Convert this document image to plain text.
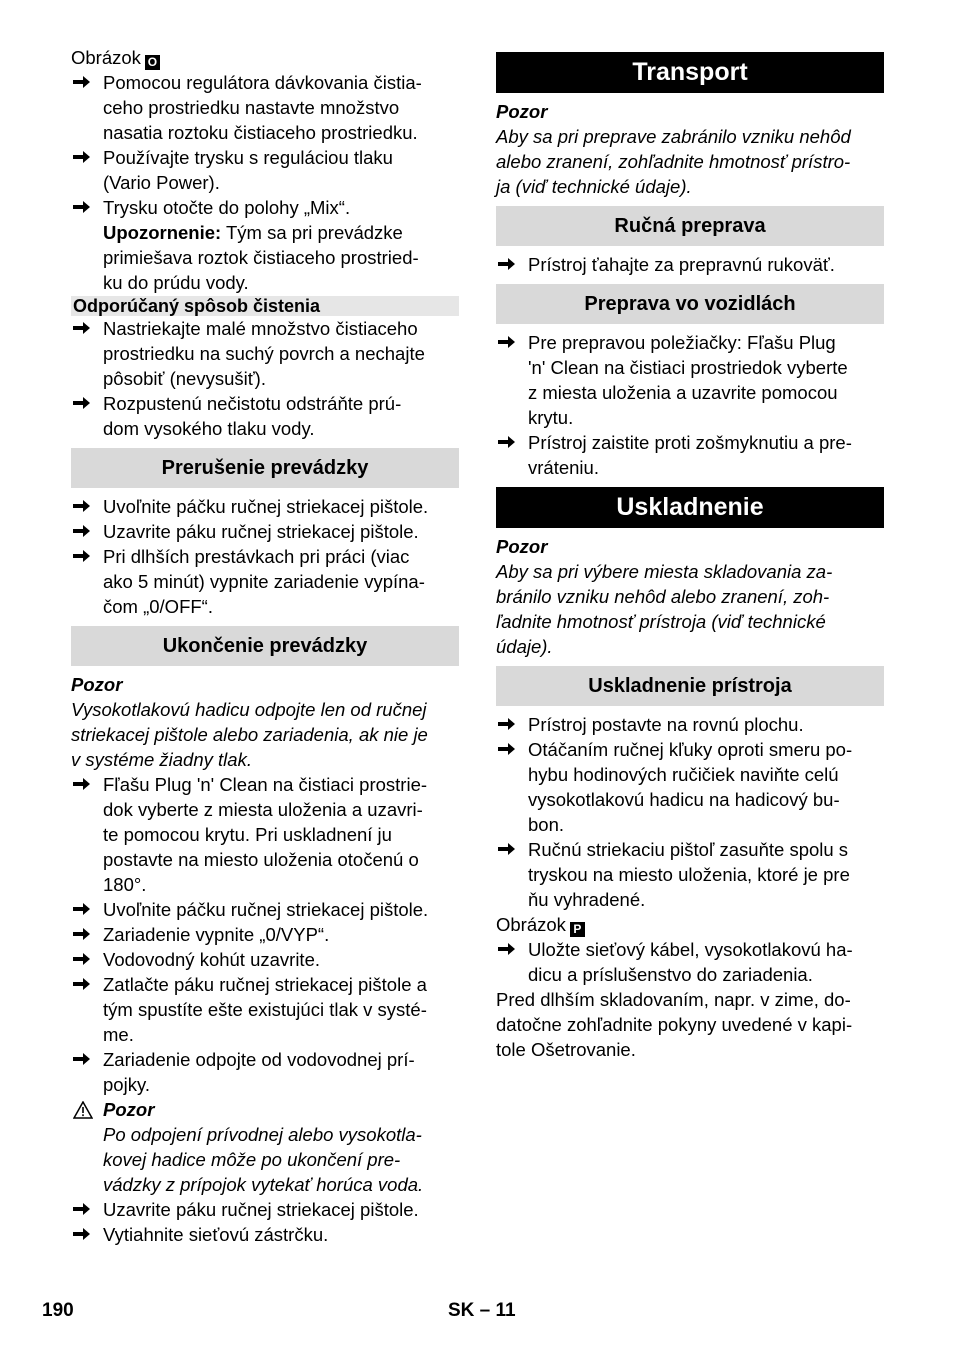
Obrázok O
Pomocou regulátora dávkovania čistia-
ceho prostriedku nastavte množstvo
nasatia roztoku čistiaceho prostriedku.
Používajte trysku s reguláciou tlaku
(Vario Power).
Trysku otočte do polohy „Mix“.
Upozornenie: Tým sa pri prevádzke
primiešava roztok čistiaceho prostried-
ku do prúdu vody.
Odporúčaný spôsob čistenia
Nastriekajte malé množstvo čistiaceho
prostriedku na suchý povrch a nechajte
pôsobiť (nevysušiť).
Rozpustenú nečistotu odstráňte prú-
dom vysokého tlaku vody.
Prerušenie prevádzky
Uvoľnite páčku ručnej striekacej pištole.
Uzavrite páku ručnej striekacej pištole.
Pri dlhších prestávkach pri práci (viac
ako 5 minút) vypnite zariadenie vypína-
čom „0/OFF“.
Ukončenie prevádzky
Pozor
Vysokotlakovú hadicu odpojte len od ručnej
striekacej pištole alebo zariadenia, ak nie je
v systéme žiadny tlak.
Fľašu Plug 'n' Clean na čistiaci prostrie-
dok vyberte z miesta uloženia a uzavri-
te pomocou krytu. Pri uskladnení ju
postavte na miesto uloženia otočenú o
180°.
Uvoľnite páčku ručnej striekacej pištole.
Zariadenie vypnite „0/VYP“.
Vodovodný kohút uzavrite.
Zatlačte páku ručnej striekacej pištole a
tým spustíte ešte existujúci tlak v systé-
me.
Zariadenie odpojte od vodovodnej prí-
pojky.
Pozor
Po odpojení prívodnej alebo vysokotla-
kovej hadice môže po ukončení pre-
vádzky z prípojok vytekať horúca voda.
Uzavrite páku ručnej striekacej pištole.
Vytiahnite sieťovú zástrčku.
Transport
Pozor
Aby sa pri preprave zabránilo vzniku nehôd
alebo zranení, zohľadnite hmotnosť prístro-
ja (viď technické údaje).
Ručná preprava
Prístroj ťahajte za prepravnú rukoväť.
Preprava vo vozidlách
Pre prepravou poležiačky: Fľašu Plug
'n' Clean na čistiaci prostriedok vyberte
z miesta uloženia a uzavrite pomocou
krytu.
Prístroj zaistite proti zošmyknutiu a pre-
vráteniu.
Uskladnenie
Pozor
Aby sa pri výbere miesta skladovania za-
bránilo vzniku nehôd alebo zranení, zoh-
ľadnite hmotnosť prístroja (viď technické
údaje).
Uskladnenie prístroja
Prístroj postavte na rovnú plochu.
Otáčaním ručnej kľuky oproti smeru po-
hybu hodinových ručičiek naviňte celú
vysokotlakovú hadicu na hadicový bu-
bon.
Ručnú striekaciu pištoľ zasuňte spolu s
tryskou na miesto uloženia, ktoré je pre
ňu vyhradené.
Obrázok P
Uložte sieťový kábel, vysokotlakovú ha-
dicu a príslušenstvo do zariadenia.
Pred dlhším skladovaním, napr. v zime, do-
datočne zohľadnite pokyny uvedené v kapi-
tole Ošetrovanie.
190	SK – 11
